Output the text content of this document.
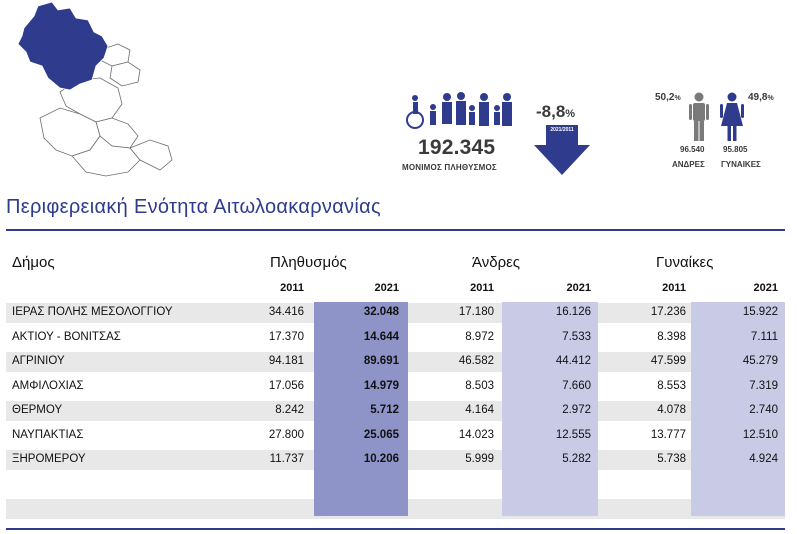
192.345
ΜΟΝΙΜΟΣ ΠΛΗΘΥΣΜΟΣ
-8,8%
2021/2011
50,2%	49,8%
96.540 95.805
ΑΝΔΡΕΣ ΓΥΝΑΙΚΕΣ
Περιφερειακή Ενότητα Αιτωλοακαρνανίας
Δήμος	Πληθυσμός	Άνδρες	Γυναίκες
2011	2021	2011	2021	2011	2021
ΙΕΡΑΣ ΠΟΛΗΣ ΜΕΣΟΛΟΓΓΙΟΥ	34.416	32.048	17.180	16.126	17.236	15.922
ΑΚΤΙΟΥ - ΒΟΝΙΤΣΑΣ	17.370	14.644	8.972	7.533	8.398	7.111
ΑΓΡΙΝΙΟΥ	94.181	89.691	46.582	44.412	47.599	45.279
ΑΜΦΙΛΟΧΙΑΣ	17.056	14.979	8.503	7.660	8.553	7.319
ΘΕΡΜΟΥ	8.242	5.712	4.164	2.972	4.078	2.740
ΝΑΥΠΑΚΤΙΑΣ	27.800	25.065	14.023	12.555	13.777	12.510
ΞΗΡΟΜΕΡΟΥ	11.737	10.206	5.999	5.282	5.738	4.924
